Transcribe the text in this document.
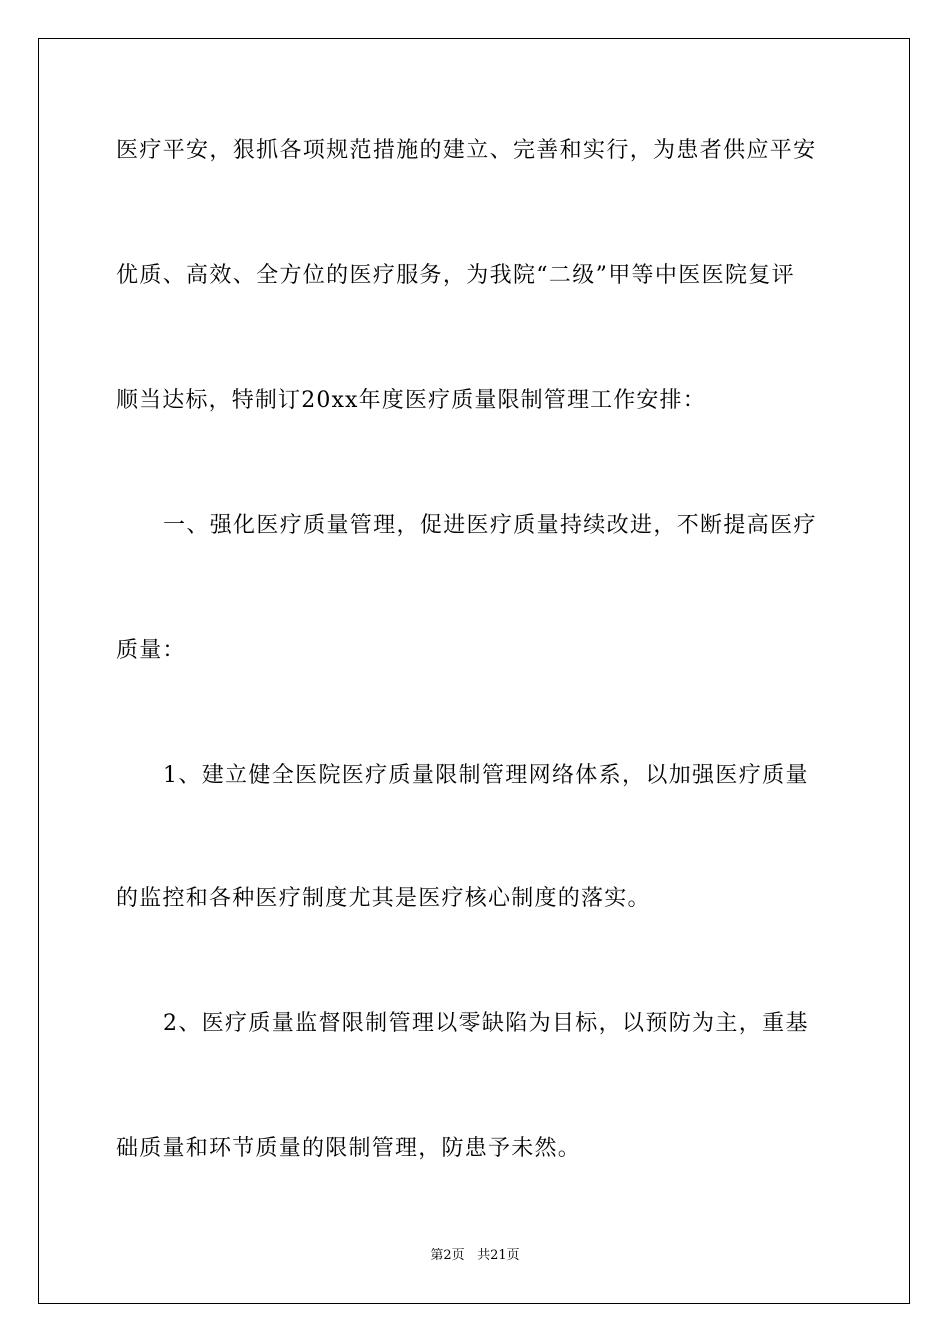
医疗平安，狠抓各项规范措施的建立、完善和实行，为患者供应平安
优质、高效、全方位的医疗服务，为我院“二级”甲等中医医院复评
顺当达标，特制订20xx年度医疗质量限制管理工作安排：
一、强化医疗质量管理，促进医疗质量持续改进，不断提高医疗
质量：
1、建立健全医院医疗质量限制管理网络体系，以加强医疗质量
的监控和各种医疗制度尤其是医疗核心制度的落实。
2、医疗质量监督限制管理以零缺陷为目标，以预防为主，重基
础质量和环节质量的限制管理，防患予未然。
第2页 共21页
